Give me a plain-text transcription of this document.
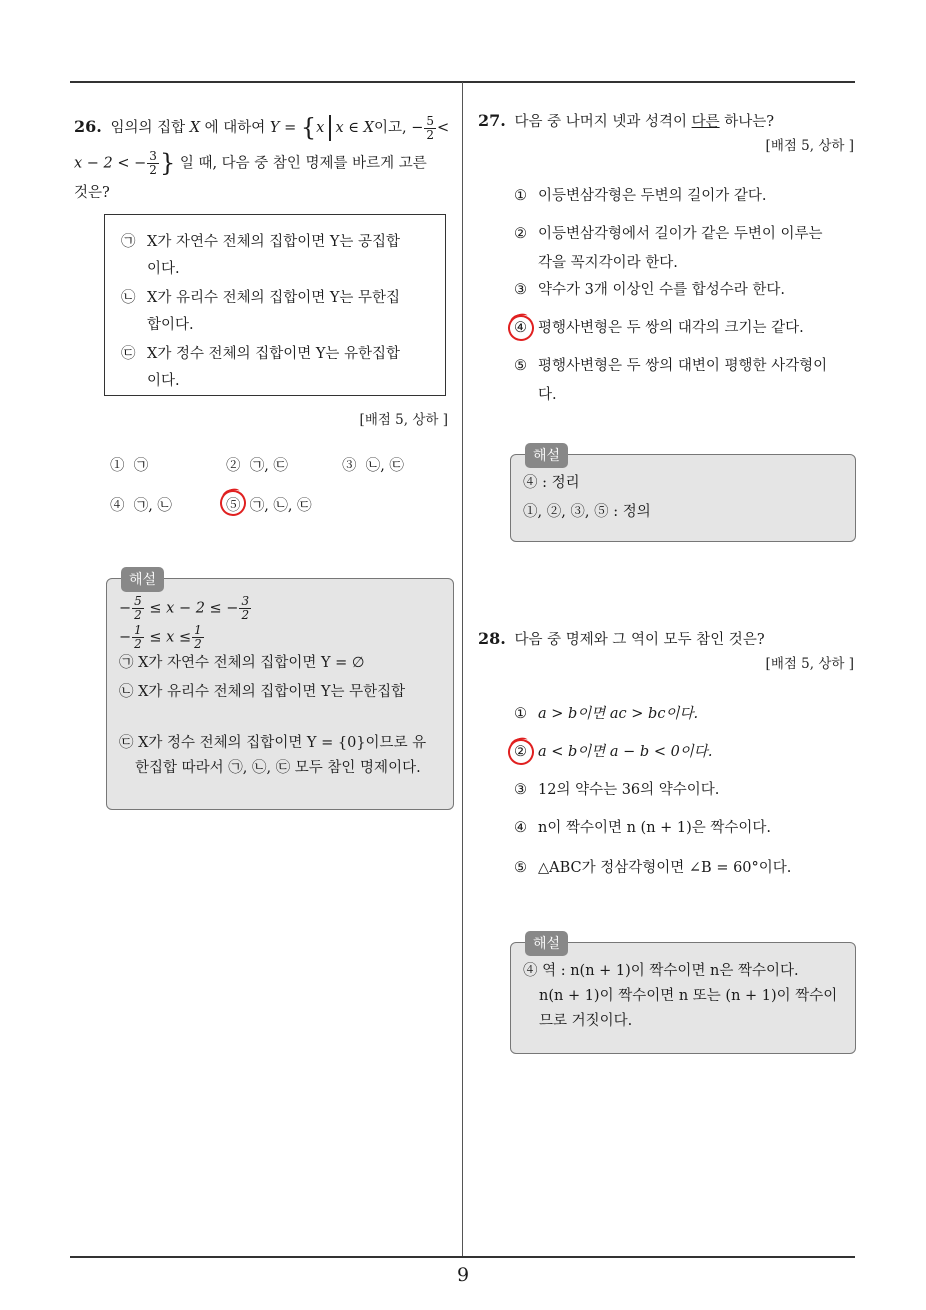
9
26. 임의의 집합 X 에 대하여 Y = {x x ∈ X이고, − $\frac{5}{2}$ <
x − 2 < − $\frac{3}{2}$ } 일 때, 다음 중 참인 명제를 바르게 고른
것은?
㉠ X가 자연수 전체의 집합이면 Y는 공집합
이다.
㉡ X가 유리수 전체의 집합이면 Y는 무한집
합이다.
㉢ X가 정수 전체의 집합이면 Y는 유한집합
이다.
[배점 5, 상하 ]
① ㉠	② ㉠, ㉢	③ ㉡, ㉢
④ ㉠, ㉡	⑤ ㉠, ㉡, ㉢
해설
− $\frac{5}{2} \le x - 2$ ≤ − $\frac{3}{2}$
− $\frac{1}{2} \le x \le \frac{1}{2}$
㉠ X가 자연수 전체의 집합이면 Y = ∅
㉡ X가 유리수 전체의 집합이면 Y는 무한집합
㉢ X가 정수 전체의 집합이면 Y = {0}이므로 유
한집합 따라서 ㉠, ㉡, ㉢ 모두 참인 명제이다.
27. 다음 중 나머지 넷과 성격이 다른 하나는?
[배점 5, 상하 ]
① 이등변삼각형은 두변의 길이가 같다.
② 이등변삼각형에서 길이가 같은 두변이 이루는
각을 꼭지각이라 한다.
③ 약수가 3개 이상인 수를 합성수라 한다.
④ 평행사변형은 두 쌍의 대각의 크기는 같다.
⑤ 평행사변형은 두 쌍의 대변이 평행한 사각형이
다.
해설
④ : 정리
①, ②, ③, ⑤ : 정의
28. 다음 중 명제와 그 역이 모두 참인 것은?
[배점 5, 상하 ]
① a > b이면 ac > bc이다.
② a < b이면 a − b < 0이다.
③ 12의 약수는 36의 약수이다.
④ n이 짝수이면 n (n + 1)은 짝수이다.
⑤ △ABC가 정삼각형이면 ∠B = 60°이다.
해설
④ 역 : n(n + 1)이 짝수이면 n은 짝수이다.
n(n + 1)이 짝수이면 n 또는 (n + 1)이 짝수이
므로 거짓이다.
